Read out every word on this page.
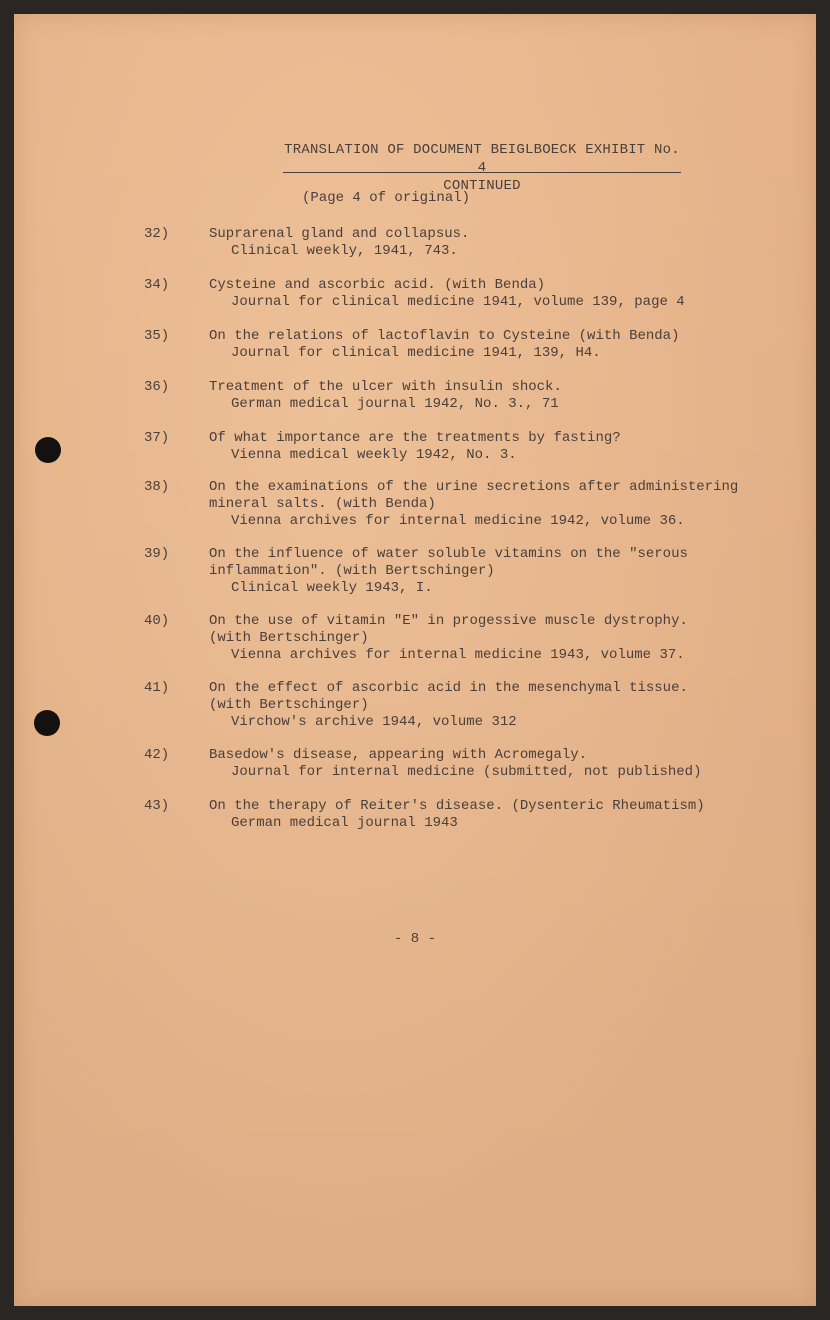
TRANSLATION OF DOCUMENT BEIGLBOECK EXHIBIT No. 4
CONTINUED
(Page 4 of original)
32)	Suprarenal gland and collapsus.
Clinical weekly, 1941, 743.
34)	Cysteine and ascorbic acid. (with Benda)
Journal for clinical medicine 1941, volume 139, page 4
35)	On the relations of lactoflavin to Cysteine (with Benda)
Journal for clinical medicine 1941, 139, H4.
36)	Treatment of the ulcer with insulin shock.
German medical journal 1942, No. 3., 71
37)	Of what importance are the treatments by fasting?
Vienna medical weekly 1942, No. 3.
38)	On the examinations of the urine secretions after administering
mineral salts. (with Benda)
Vienna archives for internal medicine 1942, volume 36.
39)	On the influence of water soluble vitamins on the "serous
inflammation". (with Bertschinger)
Clinical weekly 1943, I.
40)	On the use of vitamin "E" in progessive muscle dystrophy.
(with Bertschinger)
Vienna archives for internal medicine 1943, volume 37.
41)	On the effect of ascorbic acid in the mesenchymal tissue.
(with Bertschinger)
Virchow's archive 1944, volume 312
42)	Basedow's disease, appearing with Acromegaly.
Journal for internal medicine (submitted, not published)
43)	On the therapy of Reiter's disease. (Dysenteric Rheumatism)
German medical journal 1943
- 8 -
